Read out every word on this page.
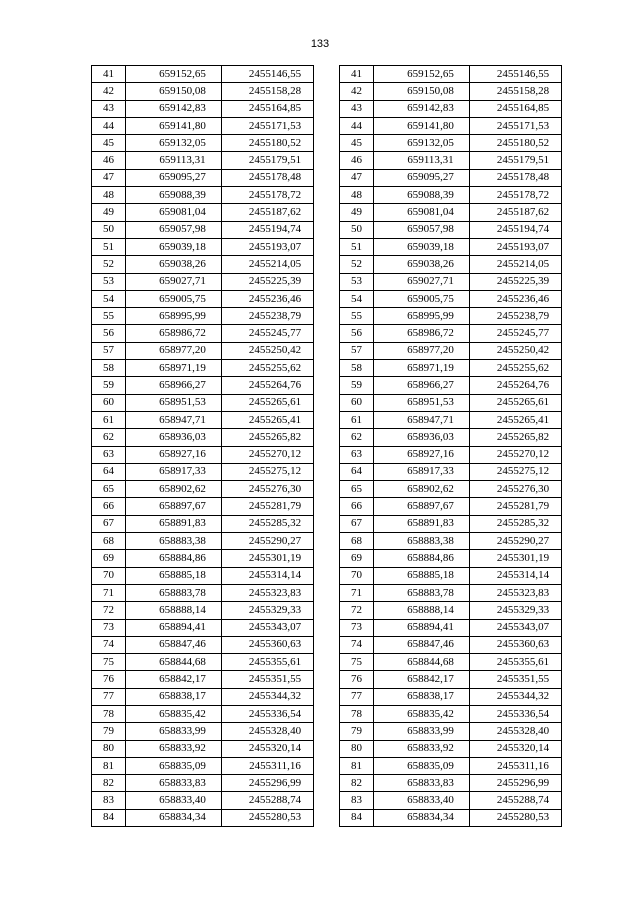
133
41	659152,65	2455146,55
42	659150,08	2455158,28
43	659142,83	2455164,85
44	659141,80	2455171,53
45	659132,05	2455180,52
46	659113,31	2455179,51
47	659095,27	2455178,48
48	659088,39	2455178,72
49	659081,04	2455187,62
50	659057,98	2455194,74
51	659039,18	2455193,07
52	659038,26	2455214,05
53	659027,71	2455225,39
54	659005,75	2455236,46
55	658995,99	2455238,79
56	658986,72	2455245,77
57	658977,20	2455250,42
58	658971,19	2455255,62
59	658966,27	2455264,76
60	658951,53	2455265,61
61	658947,71	2455265,41
62	658936,03	2455265,82
63	658927,16	2455270,12
64	658917,33	2455275,12
65	658902,62	2455276,30
66	658897,67	2455281,79
67	658891,83	2455285,32
68	658883,38	2455290,27
69	658884,86	2455301,19
70	658885,18	2455314,14
71	658883,78	2455323,83
72	658888,14	2455329,33
73	658894,41	2455343,07
74	658847,46	2455360,63
75	658844,68	2455355,61
76	658842,17	2455351,55
77	658838,17	2455344,32
78	658835,42	2455336,54
79	658833,99	2455328,40
80	658833,92	2455320,14
81	658835,09	2455311,16
82	658833,83	2455296,99
83	658833,40	2455288,74
84	658834,34	2455280,53
41	659152,65	2455146,55
42	659150,08	2455158,28
43	659142,83	2455164,85
44	659141,80	2455171,53
45	659132,05	2455180,52
46	659113,31	2455179,51
47	659095,27	2455178,48
48	659088,39	2455178,72
49	659081,04	2455187,62
50	659057,98	2455194,74
51	659039,18	2455193,07
52	659038,26	2455214,05
53	659027,71	2455225,39
54	659005,75	2455236,46
55	658995,99	2455238,79
56	658986,72	2455245,77
57	658977,20	2455250,42
58	658971,19	2455255,62
59	658966,27	2455264,76
60	658951,53	2455265,61
61	658947,71	2455265,41
62	658936,03	2455265,82
63	658927,16	2455270,12
64	658917,33	2455275,12
65	658902,62	2455276,30
66	658897,67	2455281,79
67	658891,83	2455285,32
68	658883,38	2455290,27
69	658884,86	2455301,19
70	658885,18	2455314,14
71	658883,78	2455323,83
72	658888,14	2455329,33
73	658894,41	2455343,07
74	658847,46	2455360,63
75	658844,68	2455355,61
76	658842,17	2455351,55
77	658838,17	2455344,32
78	658835,42	2455336,54
79	658833,99	2455328,40
80	658833,92	2455320,14
81	658835,09	2455311,16
82	658833,83	2455296,99
83	658833,40	2455288,74
84	658834,34	2455280,53
